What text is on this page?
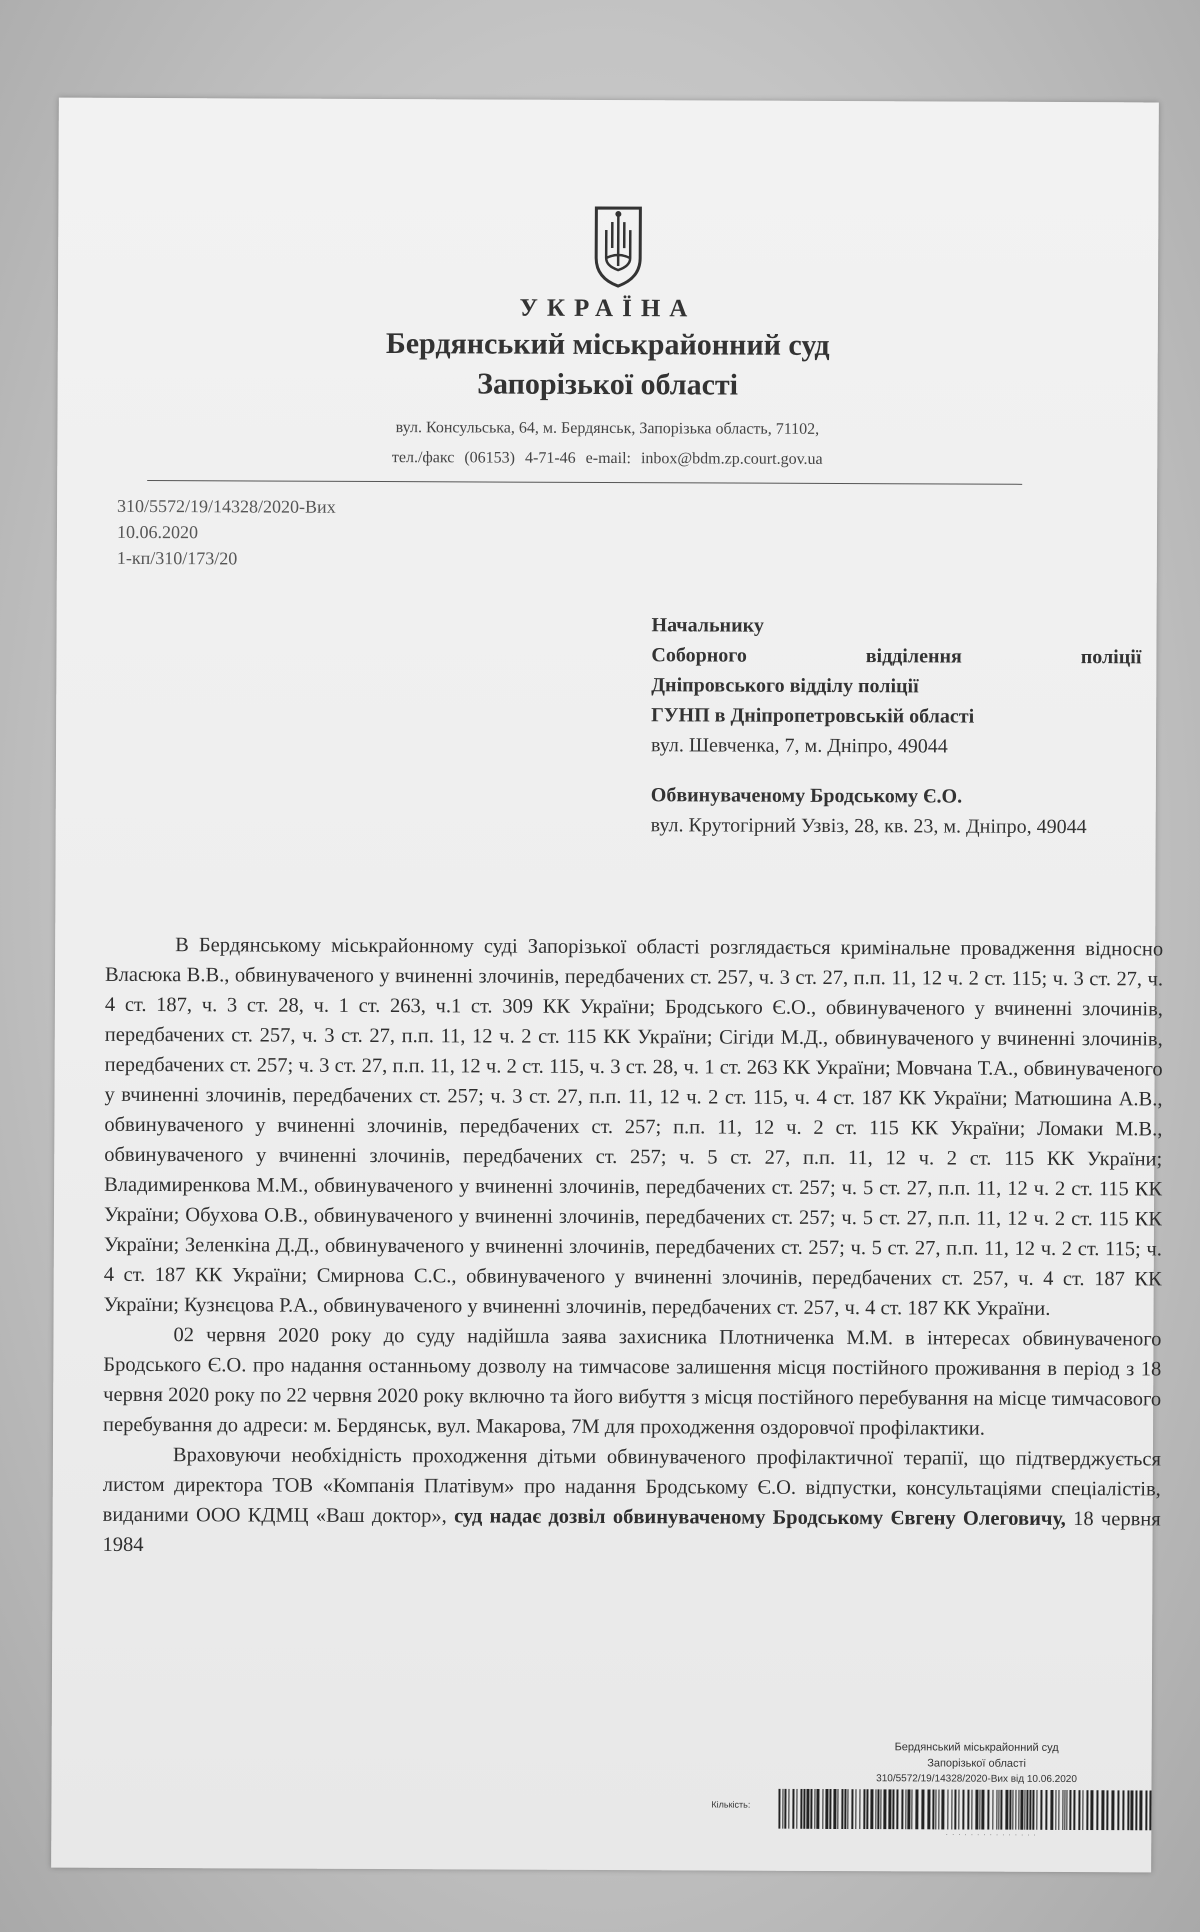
УКРАЇНА
Бердянський міськрайонний суд
Запорізької області
вул. Консульська, 64, м. Бердянськ, Запорізька область, 71102,
тел./факс (06153) 4-71-46 e-mail: inbox@bdm.zp.court.gov.ua
310/5572/19/14328/2020-Вих
10.06.2020
1-кп/310/173/20
Начальнику
Соборного	відділення	поліції
Дніпровського відділу поліції
ГУНП в Дніпропетровській області
вул. Шевченка, 7, м. Дніпро, 49044
Обвинуваченому Бродському Є.О.
вул. Крутогірний Узвіз, 28, кв. 23, м. Дніпро, 49044

В Бердянському міськрайонному суді Запорізької області розглядається кримінальне провадження відносно Власюка В.В., обвинуваченого у вчиненні злочинів, передбачених ст. 257, ч. 3 ст. 27, п.п. 11, 12 ч. 2 ст. 115; ч. 3 ст. 27, ч. 4 ст. 187, ч. 3 ст. 28, ч. 1 ст. 263, ч.1 ст. 309 КК України; Бродського Є.О., обвинуваченого у вчиненні злочинів, передбачених ст. 257, ч. 3 ст. 27, п.п. 11, 12 ч. 2 ст. 115 КК України; Сігіди М.Д., обвинуваченого у вчиненні злочинів, передбачених ст. 257; ч. 3 ст. 27, п.п. 11, 12 ч. 2 ст. 115, ч. 3 ст. 28, ч. 1 ст. 263 КК України; Мовчана Т.А., обвинуваченого у вчиненні злочинів, передбачених ст. 257; ч. 3 ст. 27, п.п. 11, 12 ч. 2 ст. 115, ч. 4 ст. 187 КК України; Матюшина А.В., обвинуваченого у вчиненні злочинів, передбачених ст. 257; п.п. 11, 12 ч. 2 ст. 115 КК України; Ломаки М.В., обвинуваченого у вчиненні злочинів, передбачених ст. 257; ч. 5 ст. 27, п.п. 11, 12 ч. 2 ст. 115 КК України; Владимиренкова М.М., обвинуваченого у вчиненні злочинів, передбачених ст. 257; ч. 5 ст. 27, п.п. 11, 12 ч. 2 ст. 115 КК України; Обухова О.В., обвинуваченого у вчиненні злочинів, передбачених ст. 257; ч. 5 ст. 27, п.п. 11, 12 ч. 2 ст. 115 КК України; Зеленкіна Д.Д., обвинуваченого у вчиненні злочинів, передбачених ст. 257; ч. 5 ст. 27, п.п. 11, 12 ч. 2 ст. 115; ч. 4 ст. 187 КК України; Смирнова С.С., обвинуваченого у вчиненні злочинів, передбачених ст. 257, ч. 4 ст. 187 КК України; Кузнєцова Р.А., обвинуваченого у вчиненні злочинів, передбачених ст. 257, ч. 4 ст. 187 КК України.

02 червня 2020 року до суду надійшла заява захисника Плотниченка М.М. в інтересах обвинуваченого Бродського Є.О. про надання останньому дозволу на тимчасове залишення місця постійного проживання в період з 18 червня 2020 року по 22 червня 2020 року включно та його вибуття з місця постійного перебування на місце тимчасового перебування до адреси: м. Бердянськ, вул. Макарова, 7М для проходження оздоровчої профілактики.

Враховуючи необхідність проходження дітьми обвинуваченого профілактичної терапії, що підтверджується листом директора ТОВ «Компанія Платівум» про надання Бродському Є.О. відпустки, консультаціями спеціалістів, виданими ООО КДМЦ «Ваш доктор», суд надає дозвіл обвинуваченому Бродському Євгену Олеговичу, 18 червня 1984

Бердянський міськрайонний суд
Запорізької області
310/5572/19/14328/2020-Вих від 10.06.2020
Кількість:
· · · · · · · · · · · · · · ·
